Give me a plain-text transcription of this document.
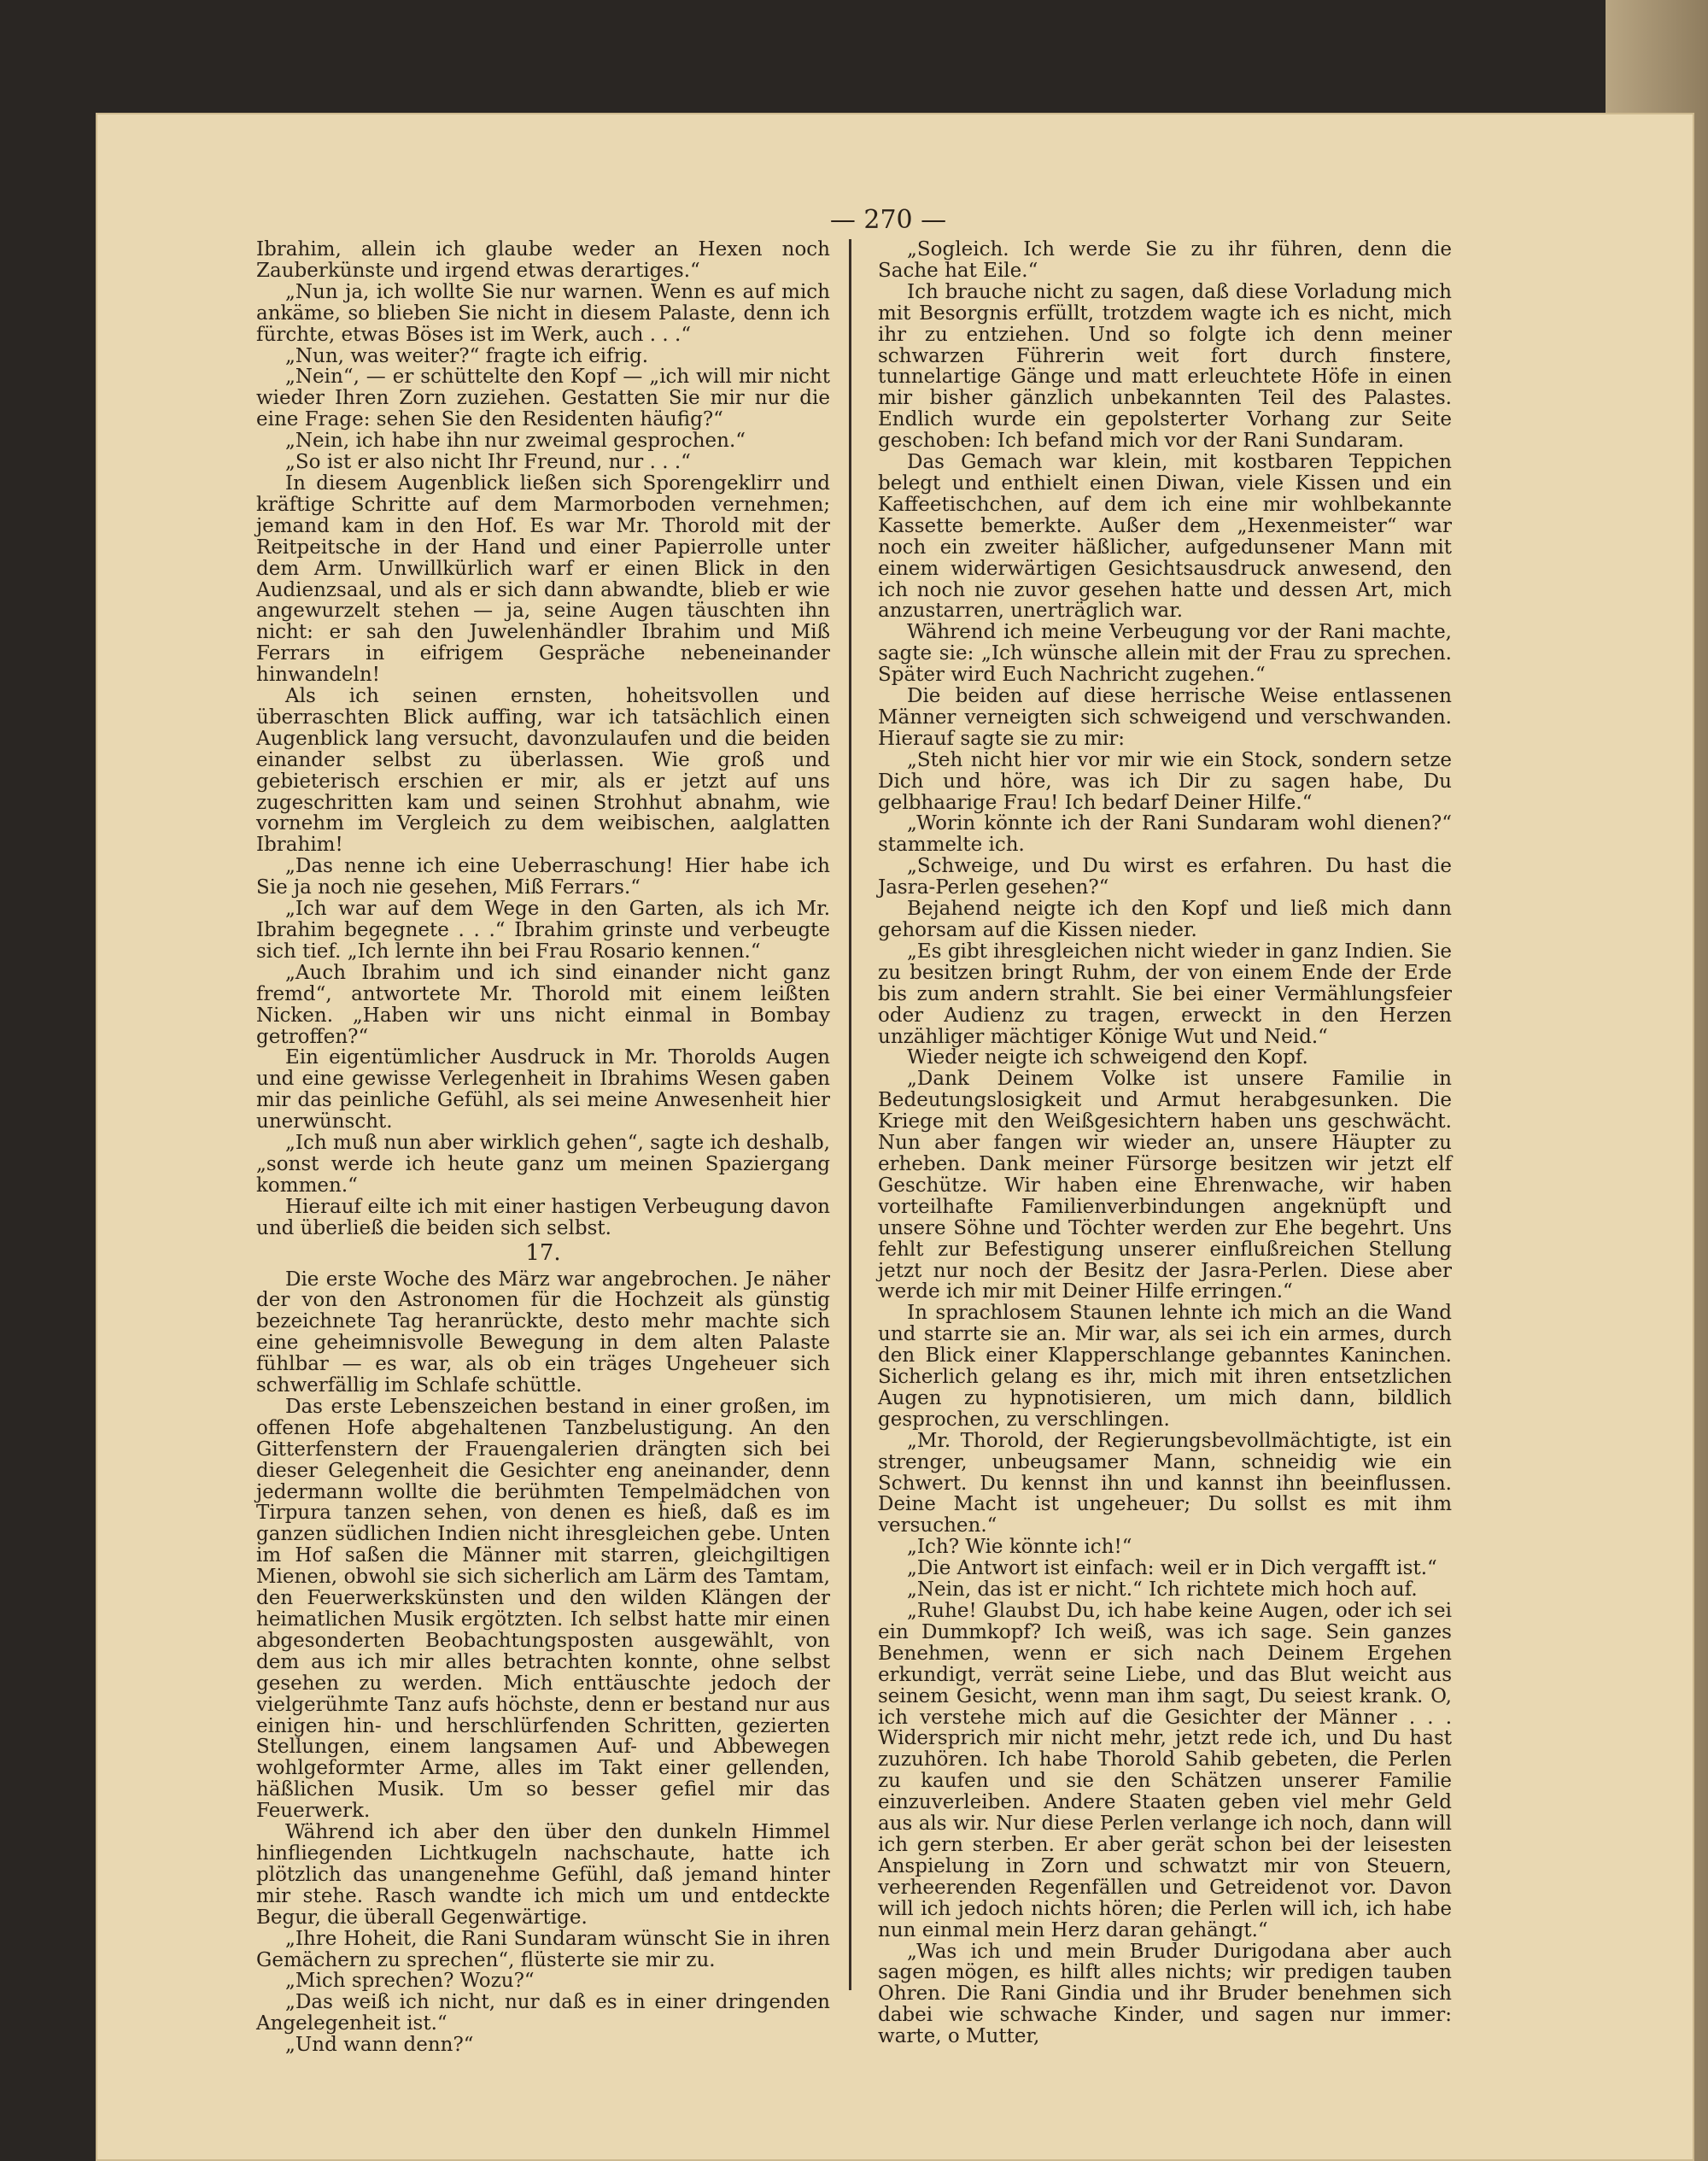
— 270 —

Ibrahim, allein ich glaube weder an Hexen noch Zauberkünste und irgend etwas derartiges.“

„Nun ja, ich wollte Sie nur warnen. Wenn es auf mich ankäme, so blieben Sie nicht in diesem Palaste, denn ich fürchte, etwas Böses ist im Werk, auch . . .“

„Nun, was weiter?“ fragte ich eifrig.

„Nein“, — er schüttelte den Kopf — „ich will mir nicht wieder Ihren Zorn zuziehen. Gestatten Sie mir nur die eine Frage: sehen Sie den Residenten häufig?“

„Nein, ich habe ihn nur zweimal gesprochen.“

„So ist er also nicht Ihr Freund, nur . . .“

In diesem Augenblick ließen sich Sporengeklirr und kräftige Schritte auf dem Marmorboden vernehmen; jemand kam in den Hof. Es war Mr. Thorold mit der Reitpeitsche in der Hand und einer Papierrolle unter dem Arm. Unwillkürlich warf er einen Blick in den Audienzsaal, und als er sich dann abwandte, blieb er wie angewurzelt stehen — ja, seine Augen täuschten ihn nicht: er sah den Juwelenhändler Ibrahim und Miß Ferrars in eifrigem Gespräche nebeneinander hinwandeln!

Als ich seinen ernsten, hoheitsvollen und überraschten Blick auffing, war ich tatsächlich einen Augenblick lang versucht, davonzulaufen und die beiden einander selbst zu überlassen. Wie groß und gebieterisch erschien er mir, als er jetzt auf uns zugeschritten kam und seinen Strohhut abnahm, wie vornehm im Vergleich zu dem weibischen, aalglatten Ibrahim!

„Das nenne ich eine Ueberraschung! Hier habe ich Sie ja noch nie gesehen, Miß Ferrars.“

„Ich war auf dem Wege in den Garten, als ich Mr. Ibrahim begegnete . . .“ Ibrahim grinste und verbeugte sich tief. „Ich lernte ihn bei Frau Rosario kennen.“

„Auch Ibrahim und ich sind einander nicht ganz fremd“, antwortete Mr. Thorold mit einem leißten Nicken. „Haben wir uns nicht einmal in Bombay getroffen?“

Ein eigentümlicher Ausdruck in Mr. Thorolds Augen und eine gewisse Verlegenheit in Ibrahims Wesen gaben mir das peinliche Gefühl, als sei meine Anwesenheit hier unerwünscht.

„Ich muß nun aber wirklich gehen“, sagte ich deshalb, „sonst werde ich heute ganz um meinen Spaziergang kommen.“

Hierauf eilte ich mit einer hastigen Verbeugung davon und überließ die beiden sich selbst.

17.

Die erste Woche des März war angebrochen. Je näher der von den Astronomen für die Hochzeit als günstig bezeichnete Tag heranrückte, desto mehr machte sich eine geheimnisvolle Bewegung in dem alten Palaste fühlbar — es war, als ob ein träges Ungeheuer sich schwerfällig im Schlafe schüttle.

Das erste Lebenszeichen bestand in einer großen, im offenen Hofe abgehaltenen Tanzbelustigung. An den Gitterfenstern der Frauengalerien drängten sich bei dieser Gelegenheit die Gesichter eng aneinander, denn jedermann wollte die berühmten Tempelmädchen von Tirpura tanzen sehen, von denen es hieß, daß es im ganzen südlichen Indien nicht ihresgleichen gebe. Unten im Hof saßen die Männer mit starren, gleichgiltigen Mienen, obwohl sie sich sicherlich am Lärm des Tamtam, den Feuerwerkskünsten und den wilden Klängen der heimatlichen Musik ergötzten. Ich selbst hatte mir einen abgesonderten Beobachtungsposten ausgewählt, von dem aus ich mir alles betrachten konnte, ohne selbst gesehen zu werden. Mich enttäuschte jedoch der vielgerühmte Tanz aufs höchste, denn er bestand nur aus einigen hin- und herschlürfenden Schritten, gezierten Stellungen, einem langsamen Auf- und Abbewegen wohlgeformter Arme, alles im Takt einer gellenden, häßlichen Musik. Um so besser gefiel mir das Feuerwerk.

Während ich aber den über den dunkeln Himmel hinfliegenden Lichtkugeln nachschaute, hatte ich plötzlich das unangenehme Gefühl, daß jemand hinter mir stehe. Rasch wandte ich mich um und entdeckte Begur, die überall Gegenwärtige.

„Ihre Hoheit, die Rani Sundaram wünscht Sie in ihren Gemächern zu sprechen“, flüsterte sie mir zu.

„Mich sprechen? Wozu?“

„Das weiß ich nicht, nur daß es in einer dringenden Angelegenheit ist.“

„Und wann denn?“

„Sogleich. Ich werde Sie zu ihr führen, denn die Sache hat Eile.“

Ich brauche nicht zu sagen, daß diese Vorladung mich mit Besorgnis erfüllt, trotzdem wagte ich es nicht, mich ihr zu entziehen. Und so folgte ich denn meiner schwarzen Führerin weit fort durch finstere, tunnelartige Gänge und matt erleuchtete Höfe in einen mir bisher gänzlich unbekannten Teil des Palastes. Endlich wurde ein gepolsterter Vorhang zur Seite geschoben: Ich befand mich vor der Rani Sundaram.

Das Gemach war klein, mit kostbaren Teppichen belegt und enthielt einen Diwan, viele Kissen und ein Kaffeetischchen, auf dem ich eine mir wohlbekannte Kassette bemerkte. Außer dem „Hexenmeister“ war noch ein zweiter häßlicher, aufgedunsener Mann mit einem widerwärtigen Gesichtsausdruck anwesend, den ich noch nie zuvor gesehen hatte und dessen Art, mich anzustarren, unerträglich war.

Während ich meine Verbeugung vor der Rani machte, sagte sie: „Ich wünsche allein mit der Frau zu sprechen. Später wird Euch Nachricht zugehen.“

Die beiden auf diese herrische Weise entlassenen Männer verneigten sich schweigend und verschwanden. Hierauf sagte sie zu mir:

„Steh nicht hier vor mir wie ein Stock, sondern setze Dich und höre, was ich Dir zu sagen habe, Du gelbhaarige Frau! Ich bedarf Deiner Hilfe.“

„Worin könnte ich der Rani Sundaram wohl dienen?“ stammelte ich.

„Schweige, und Du wirst es erfahren. Du hast die Jasra-Perlen gesehen?“

Bejahend neigte ich den Kopf und ließ mich dann gehorsam auf die Kissen nieder.

„Es gibt ihresgleichen nicht wieder in ganz Indien. Sie zu besitzen bringt Ruhm, der von einem Ende der Erde bis zum andern strahlt. Sie bei einer Vermählungsfeier oder Audienz zu tragen, erweckt in den Herzen unzähliger mächtiger Könige Wut und Neid.“

Wieder neigte ich schweigend den Kopf.

„Dank Deinem Volke ist unsere Familie in Bedeutungslosigkeit und Armut herabgesunken. Die Kriege mit den Weißgesichtern haben uns geschwächt. Nun aber fangen wir wieder an, unsere Häupter zu erheben. Dank meiner Fürsorge besitzen wir jetzt elf Geschütze. Wir haben eine Ehrenwache, wir haben vorteilhafte Familienverbindungen angeknüpft und unsere Söhne und Töchter werden zur Ehe begehrt. Uns fehlt zur Befestigung unserer einflußreichen Stellung jetzt nur noch der Besitz der Jasra-Perlen. Diese aber werde ich mir mit Deiner Hilfe erringen.“

In sprachlosem Staunen lehnte ich mich an die Wand und starrte sie an. Mir war, als sei ich ein armes, durch den Blick einer Klapperschlange gebanntes Kaninchen. Sicherlich gelang es ihr, mich mit ihren entsetzlichen Augen zu hypnotisieren, um mich dann, bildlich gesprochen, zu verschlingen.

„Mr. Thorold, der Regierungsbevollmächtigte, ist ein strenger, unbeugsamer Mann, schneidig wie ein Schwert. Du kennst ihn und kannst ihn beeinflussen. Deine Macht ist ungeheuer; Du sollst es mit ihm versuchen.“

„Ich? Wie könnte ich!“

„Die Antwort ist einfach: weil er in Dich vergafft ist.“

„Nein, das ist er nicht.“ Ich richtete mich hoch auf.

„Ruhe! Glaubst Du, ich habe keine Augen, oder ich sei ein Dummkopf? Ich weiß, was ich sage. Sein ganzes Benehmen, wenn er sich nach Deinem Ergehen erkundigt, verrät seine Liebe, und das Blut weicht aus seinem Gesicht, wenn man ihm sagt, Du seiest krank. O, ich verstehe mich auf die Gesichter der Männer . . . Widersprich mir nicht mehr, jetzt rede ich, und Du hast zuzuhören. Ich habe Thorold Sahib gebeten, die Perlen zu kaufen und sie den Schätzen unserer Familie einzuverleiben. Andere Staaten geben viel mehr Geld aus als wir. Nur diese Perlen verlange ich noch, dann will ich gern sterben. Er aber gerät schon bei der leisesten Anspielung in Zorn und schwatzt mir von Steuern, verheerenden Regenfällen und Getreidenot vor. Davon will ich jedoch nichts hören; die Perlen will ich, ich habe nun einmal mein Herz daran gehängt.“

„Was ich und mein Bruder Durigodana aber auch sagen mögen, es hilft alles nichts; wir predigen tauben Ohren. Die Rani Gindia und ihr Bruder benehmen sich dabei wie schwache Kinder, und sagen nur immer: warte, o Mutter,
